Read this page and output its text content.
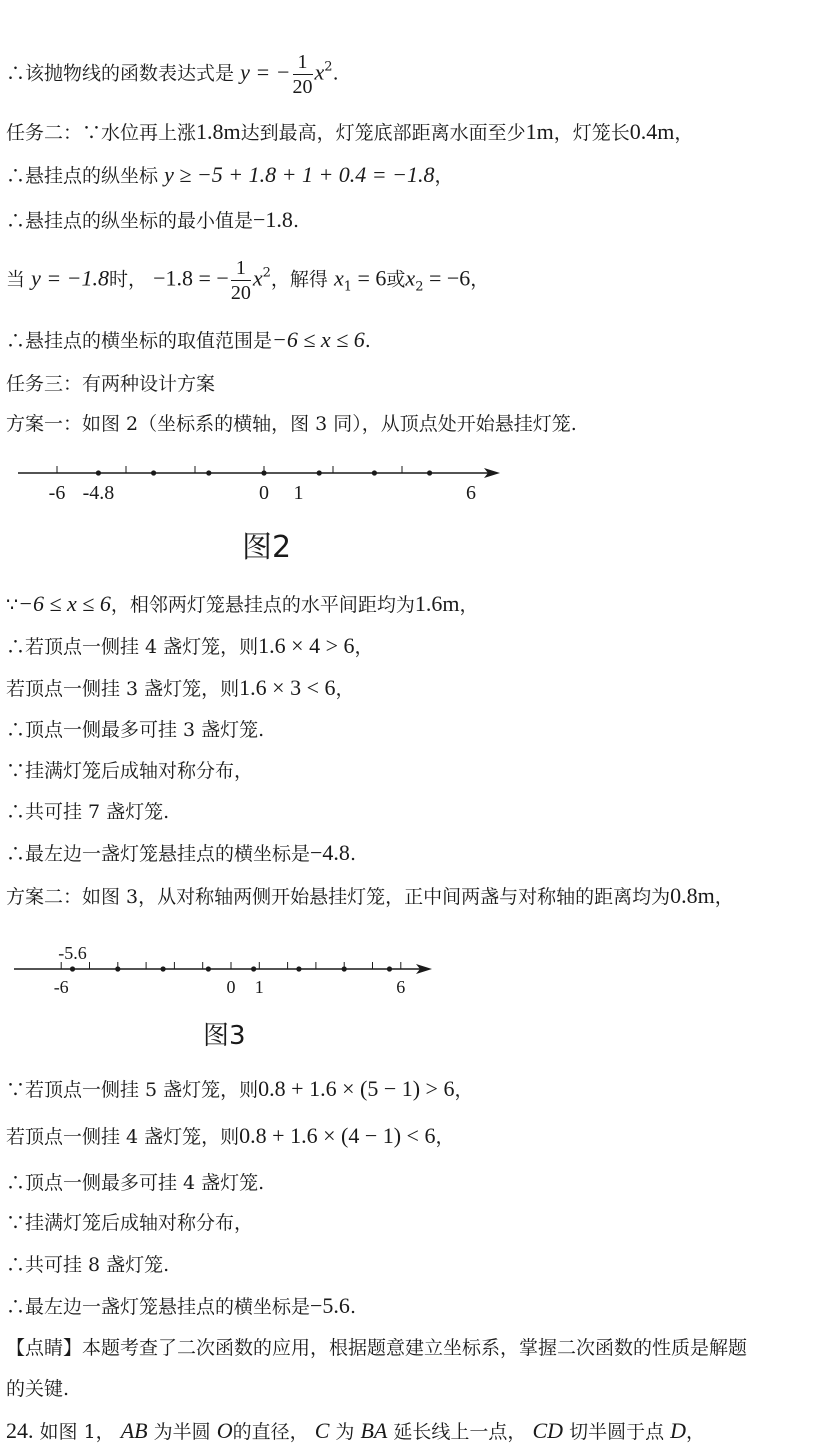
∴该抛物线的函数表达式是 y = − $\frac{1}{20} x^2$.
任务二：∵水位再上涨1.8m达到最高，灯笼底部距离水面至少1m，灯笼长0.4m，
∴悬挂点的纵坐标 y ≥ −5 + 1.8 + 1 + 0.4 = −1.8，
∴悬挂点的纵坐标的最小值是−1.8.
当 y = −1.8时， −1.8 = − $\frac{1}{20} x^2$，解得 $x_1 = 6$或$x_2 = -6$，
∴悬挂点的横坐标的取值范围是−6 ≤ x ≤ 6.
任务三：有两种设计方案
方案一：如图 2（坐标系的横轴，图 3 同），从顶点处开始悬挂灯笼.
-6 -4.8	0 1	6
图2
∵−6 ≤ x ≤ 6，相邻两灯笼悬挂点的水平间距均为1.6m，
∴若顶点一侧挂 4 盏灯笼，则1.6 × 4 > 6，
若顶点一侧挂 3 盏灯笼，则1.6 × 3 < 6，
∴顶点一侧最多可挂 3 盏灯笼.
∵挂满灯笼后成轴对称分布，
∴共可挂 7 盏灯笼.
∴最左边一盏灯笼悬挂点的横坐标是−4.8.
方案二：如图 3，从对称轴两侧开始悬挂灯笼，正中间两盏与对称轴的距离均为0.8m，
-6	0 1	6
-5.6
图3
∵若顶点一侧挂 5 盏灯笼，则0.8 + 1.6 × (5 − 1) > 6，
若顶点一侧挂 4 盏灯笼，则0.8 + 1.6 × (4 − 1) < 6，
∴顶点一侧最多可挂 4 盏灯笼.
∵挂满灯笼后成轴对称分布，
∴共可挂 8 盏灯笼.
∴最左边一盏灯笼悬挂点的横坐标是−5.6.
【点睛】本题考查了二次函数的应用，根据题意建立坐标系，掌握二次函数的性质是解题
的关键.
24. 如图 1， AB 为半圆 O的直径， C 为 BA 延长线上一点， CD 切半圆于点 D，
